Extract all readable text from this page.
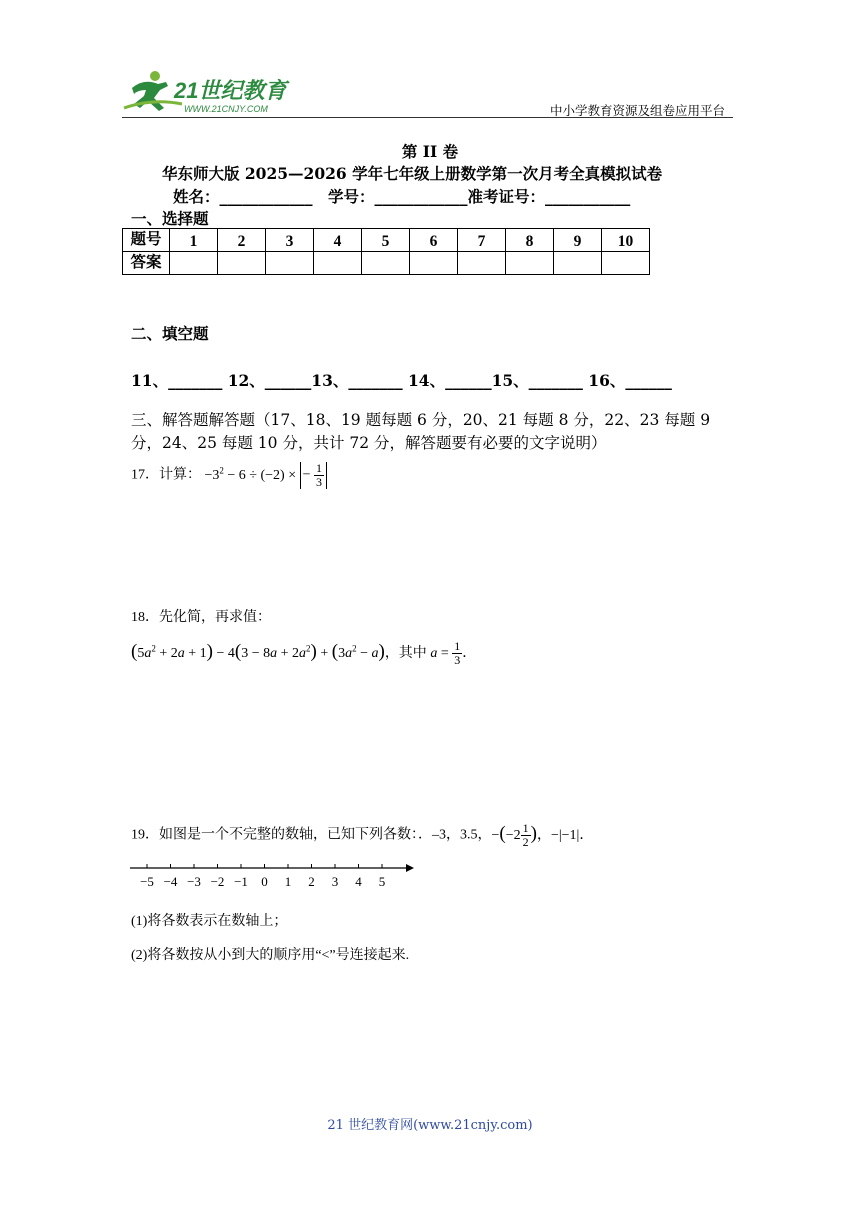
21世纪教育
WWW.21CNJY.COM	中小学教育资源及组卷应用平台
第 II 卷
华东师大版 2025—2026 学年七年级上册数学第一次月考全真模拟试卷
姓名：____________　学号：____________准考证号：___________
一、选择题
题号	1	2	3	4	5	6	7	8	9	10
答案										
二、填空题
11、_______ 12、______13、_______ 14、______15、_______ 16、______
三、解答题解答题（17、18、19 题每题 6 分，20、21 每题 8 分，22、23 每题 9
分，24、25 每题 10 分，共计 72 分，解答题要有必要的文字说明）
17．计算： $-3^2 - 6 \div (-2)$ × − $\frac{1}{3}$
18．先化简，再求值：
$(5a^2 + 2a + 1) - 4(3 - 8a + 2a^2) + (3a^2 - a)$，其中 $a = \frac{1}{3}$ ．
19．如图是一个不完整的数轴，已知下列各数：．–3，3.5，$-(-2 \frac{1}{2}$ )，−|−1|．
−5 −4 −3 −2 −1 0 1 2 3 4 5
(1)将各数表示在数轴上；
(2)将各数按从小到大的顺序用“<”号连接起来.
21 世纪教育网(www.21cnjy.com)
